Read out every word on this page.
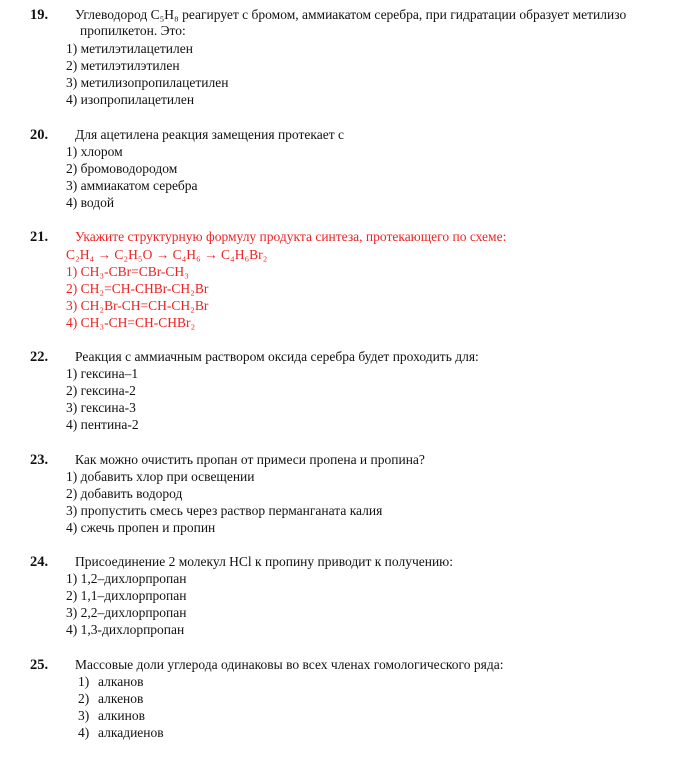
19. Углеводород C₅H₈ реагирует с бромом, аммиакатом серебра, при гидратации образует метилизо
пропилкетон. Это:
1) метилэтилацетилен
2) метилэтилэтилен
3) метилизопропилацетилен
4) изопропилацетилен
20. Для ацетилена реакция замещения протекает с
1) хлором
2) бромоводородом
3) аммиакатом серебра
4) водой
21. Укажите структурную формулу продукта синтеза, протекающего по схеме:
C₂H₄ → C₂H₅O → C₄H₆ → C₄H₆Br₂
1) CH₃-CBr=CBr-CH₃
2) CH₂=CH-CHBr-CH₂Br
3) CH₂Br-CH=CH-CH₂Br
4) CH₃-CH=CH-CHBr₂
22. Реакция с аммиачным раствором оксида серебра будет проходить для:
1) гексина–1
2) гексина-2
3) гексина-3
4) пентина-2
23. Как можно очистить пропан от примеси пропена и пропина?
1) добавить хлор при освещении
2) добавить водород
3) пропустить смесь через раствор перманганата калия
4) сжечь пропен и пропин
24. Присоединение 2 молекул HCl к пропину приводит к получению:
1) 1,2–дихлорпропан
2) 1,1–дихлорпропан
3) 2,2–дихлорпропан
4) 1,3-дихлорпропан
25. Массовые доли углерода одинаковы во всех членах гомологического ряда:
1) алканов
2) алкенов
3) алкинов
4) алкадиенов
